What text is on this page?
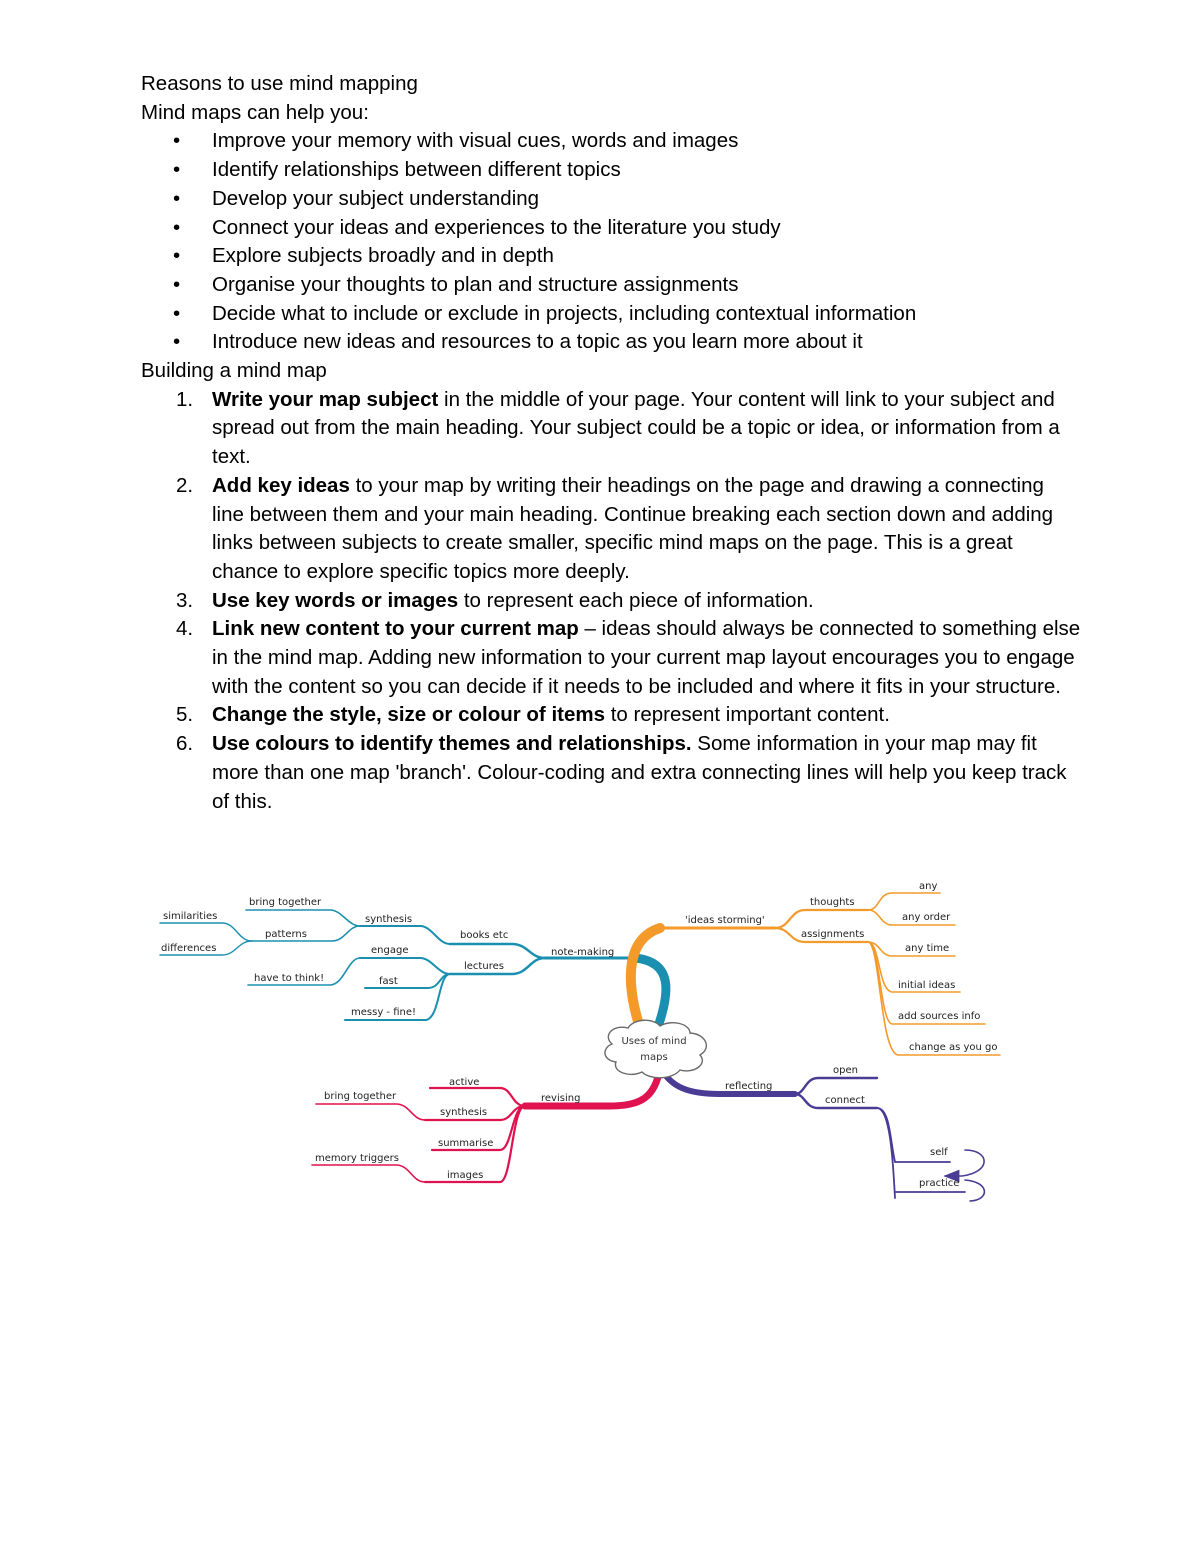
Reasons to use mind mapping
Mind maps can help you:
• Improve your memory with visual cues, words and images
• Identify relationships between different topics
• Develop your subject understanding
• Connect your ideas and experiences to the literature you study
• Explore subjects broadly and in depth
• Organise your thoughts to plan and structure assignments
• Decide what to include or exclude in projects, including contextual information
• Introduce new ideas and resources to a topic as you learn more about it
Building a mind map
1. Write your map subject in the middle of your page. Your content will link to your subject and spread out from the main heading. Your subject could be a topic or idea, or information from a text.
2. Add key ideas to your map by writing their headings on the page and drawing a connecting line between them and your main heading. Continue breaking each section down and adding links between subjects to create smaller, specific mind maps on the page. This is a great chance to explore specific topics more deeply.
3. Use key words or images to represent each piece of information.
4. Link new content to your current map – ideas should always be connected to something else in the mind map. Adding new information to your current map layout encourages you to engage with the content so you can decide if it needs to be included and where it fits in your structure.
5. Change the style, size or colour of items to represent important content.
6. Use colours to identify themes and relationships. Some information in your map may fit more than one map 'branch'. Colour-coding and extra connecting lines will help you keep track of this.
Uses of mind
maps
similarities
differences
bring together
patterns
synthesis
have to think!
engage
fast
messy - fine!
books etc
lectures
note-making
'ideas storming'
thoughts
assignments
any
any order
any time
initial ideas
add sources info
change as you go
revising
active
synthesis
summarise
images
bring together
memory triggers
reflecting
open
connect
self
practice
